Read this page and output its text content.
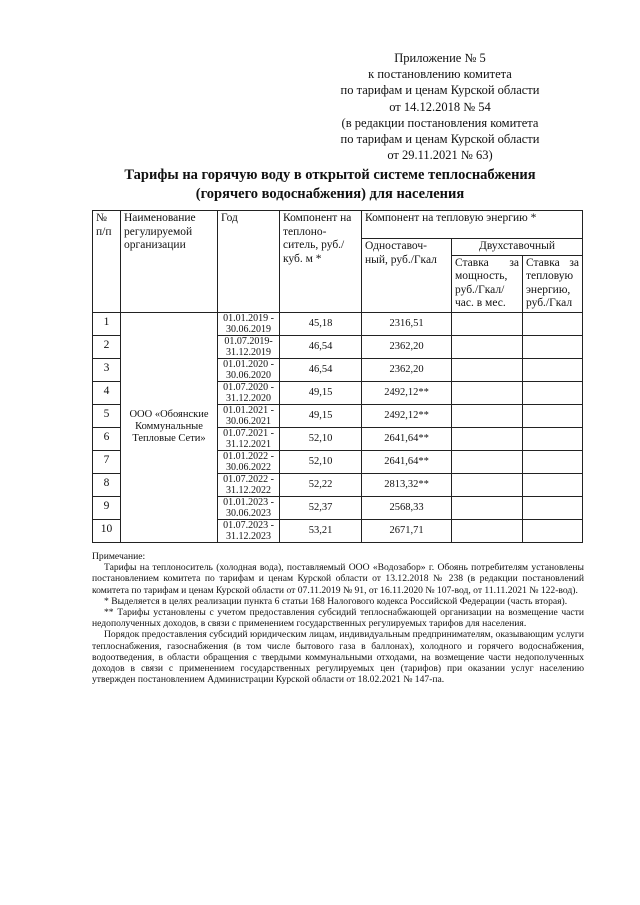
Приложение № 5
к постановлению комитета
по тарифам и ценам Курской области
от 14.12.2018 № 54
(в редакции постановления комитета
по тарифам и ценам Курской области
от 29.11.2021 № 63)
Тарифы на горячую воду в открытой системе теплоснабжения
(горячего водоснабжения) для населения
№ п/п	Наименование регулируемой организации	Год	Компонент на теплоно-ситель, руб./куб. м *	Компонент на тепловую энергию *		
				Одноставоч-ный, руб./Гкал	Двухставочный	
					Ставка за мощность, руб./Гкал/час. в мес.	Ставка за тепловую энергию, руб./Гкал
1	ООО «Обоянские Коммунальные Тепловые Сети»	01.01.2019 - 30.06.2019	45,18	2316,51		
2		01.07.2019- 31.12.2019	46,54	2362,20		
3		01.01.2020 - 30.06.2020	46,54	2362,20		
4		01.07.2020 - 31.12.2020	49,15	2492,12**		
5		01.01.2021 - 30.06.2021	49,15	2492,12**		
6		01.07.2021 - 31.12.2021	52,10	2641,64**		
7		01.01.2022 - 30.06.2022	52,10	2641,64**		
8		01.07.2022 - 31.12.2022	52,22	2813,32**		
9		01.01.2023 - 30.06.2023	52,37	2568,33		
10		01.07.2023 - 31.12.2023	53,21	2671,71		

Примечание:

Тарифы на теплоноситель (холодная вода), поставляемый ООО «Водозабор» г. Обоянь потребителям установлены постановлением комитета по тарифам и ценам Курской области от 13.12.2018 № 238 (в редакции постановлений комитета по тарифам и ценам Курской области от 07.11.2019 № 91, от 16.11.2020 № 107-вод, от 11.11.2021 № 122-вод).

* Выделяется в целях реализации пункта 6 статьи 168 Налогового кодекса Российской Федерации (часть вторая).

** Тарифы установлены с учетом предоставления субсидий теплоснабжающей организации на возмещение части недополученных доходов, в связи с применением государственных регулируемых тарифов для населения.

Порядок предоставления субсидий юридическим лицам, индивидуальным предпринимателям, оказывающим услуги теплоснабжения, газоснабжения (в том числе бытового газа в баллонах), холодного и горячего водоснабжения, водоотведения, в области обращения с твердыми коммунальными отходами, на возмещение части недополученных доходов в связи с применением государственных регулируемых цен (тарифов) при оказании услуг населению утвержден постановлением Администрации Курской области от 18.02.2021 № 147-па.
